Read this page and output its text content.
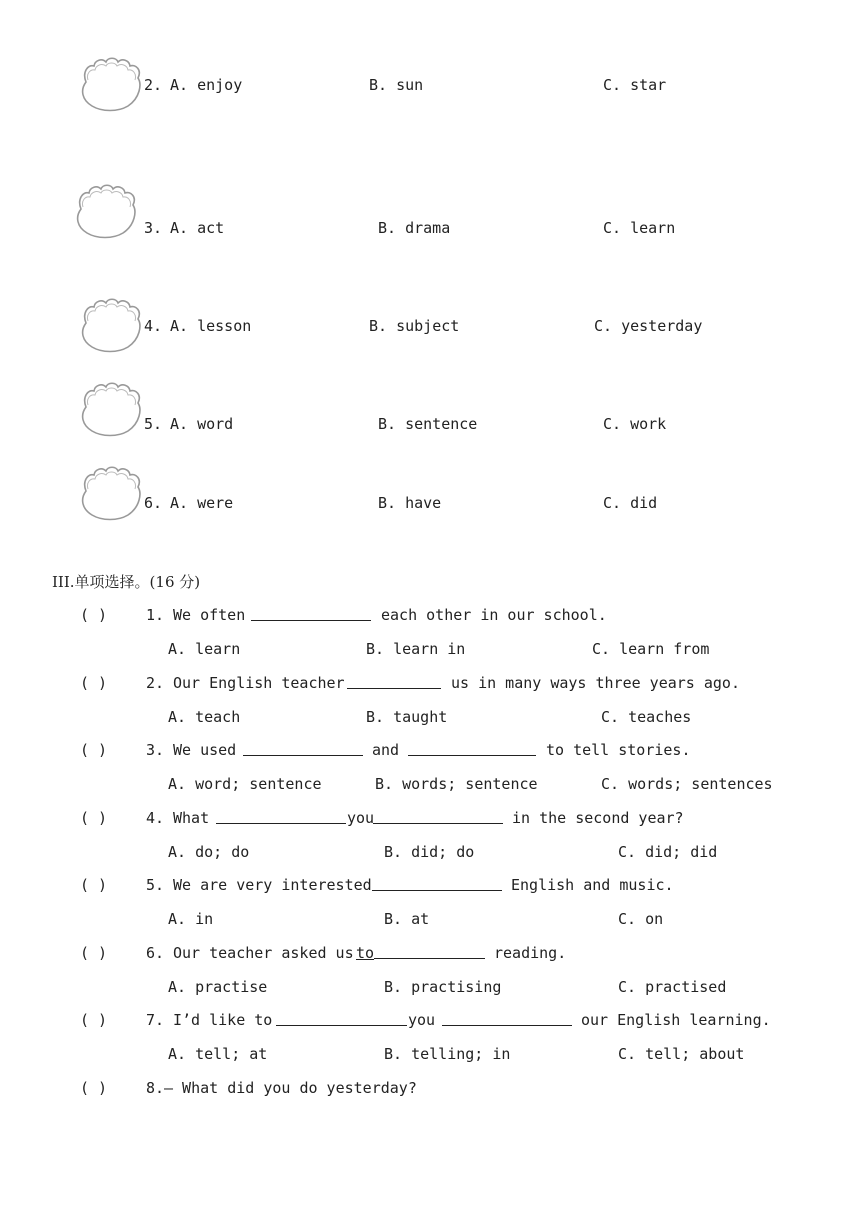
2. A. enjoy	B. sun	C. star
3. A. act	B. drama	C. learn
4. A. lesson	B. subject	C. yesterday
5. A. word	B. sentence	C. work
6. A. were	B. have	C. did
III.单项选择。(16 分)
( )	1. We often	each other in our school.
A. learn	B. learn in	C. learn from
( )	2. Our English teacher	us in many ways three years ago.
A. teach	B. taught	C. teaches
( )	3. We used	and	to tell stories.
A. word; sentence	B. words; sentence	C. words; sentences
( )	4. What	you	in the second year?
A. do; do	B. did; do	C. did; did
( )	5. We are very interested	English and music.
A. in	B. at	C. on
( )	6. Our teacher asked us to	reading.
A. practise	B. practising	C. practised
( )	7. I’d like to	you	our English learning.
A. tell; at	B. telling; in	C. tell; about
( )	8. — What did you do yesterday?
